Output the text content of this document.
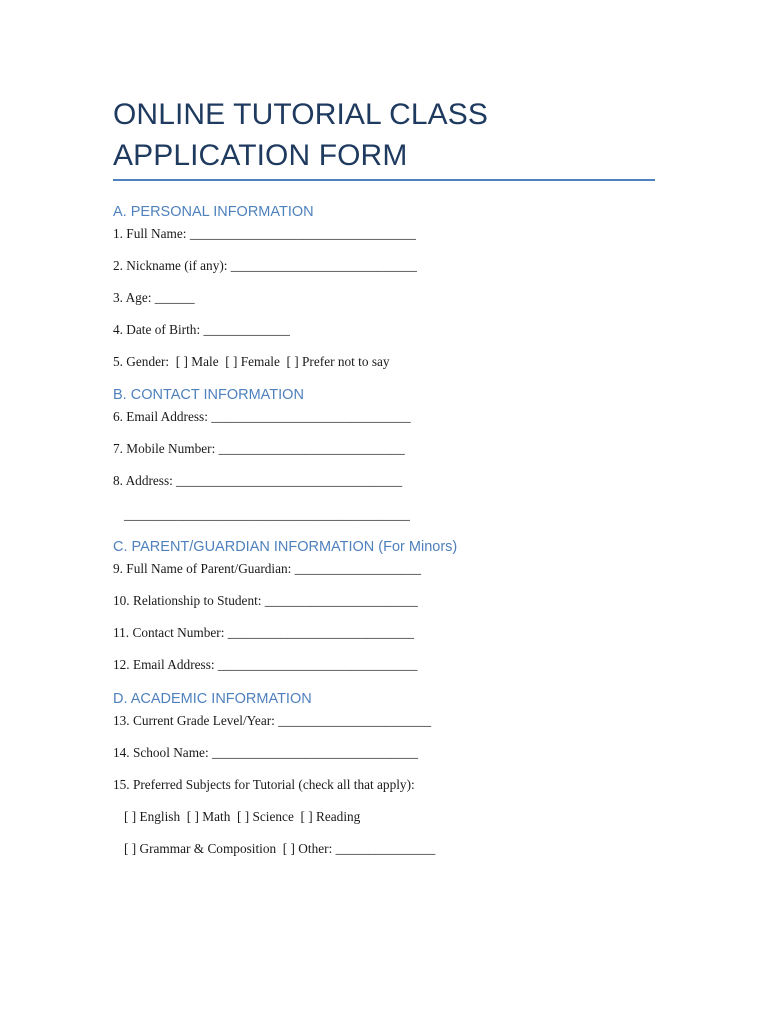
ONLINE TUTORIAL CLASS APPLICATION FORM
A. PERSONAL INFORMATION
1. Full Name: __________________________________
2. Nickname (if any): ____________________________
3. Age: ______
4. Date of Birth: _____________
5. Gender:  [ ] Male  [ ] Female  [ ] Prefer not to say
B. CONTACT INFORMATION
6. Email Address: ______________________________
7. Mobile Number: ____________________________
8. Address: __________________________________
___________________________________________
C. PARENT/GUARDIAN INFORMATION (For Minors)
9. Full Name of Parent/Guardian: ___________________
10. Relationship to Student: _______________________
11. Contact Number: ____________________________
12. Email Address: ______________________________
D. ACADEMIC INFORMATION
13. Current Grade Level/Year: _______________________
14. School Name: _______________________________
15. Preferred Subjects for Tutorial (check all that apply):
[ ] English  [ ] Math  [ ] Science  [ ] Reading
[ ] Grammar & Composition  [ ] Other: _______________
